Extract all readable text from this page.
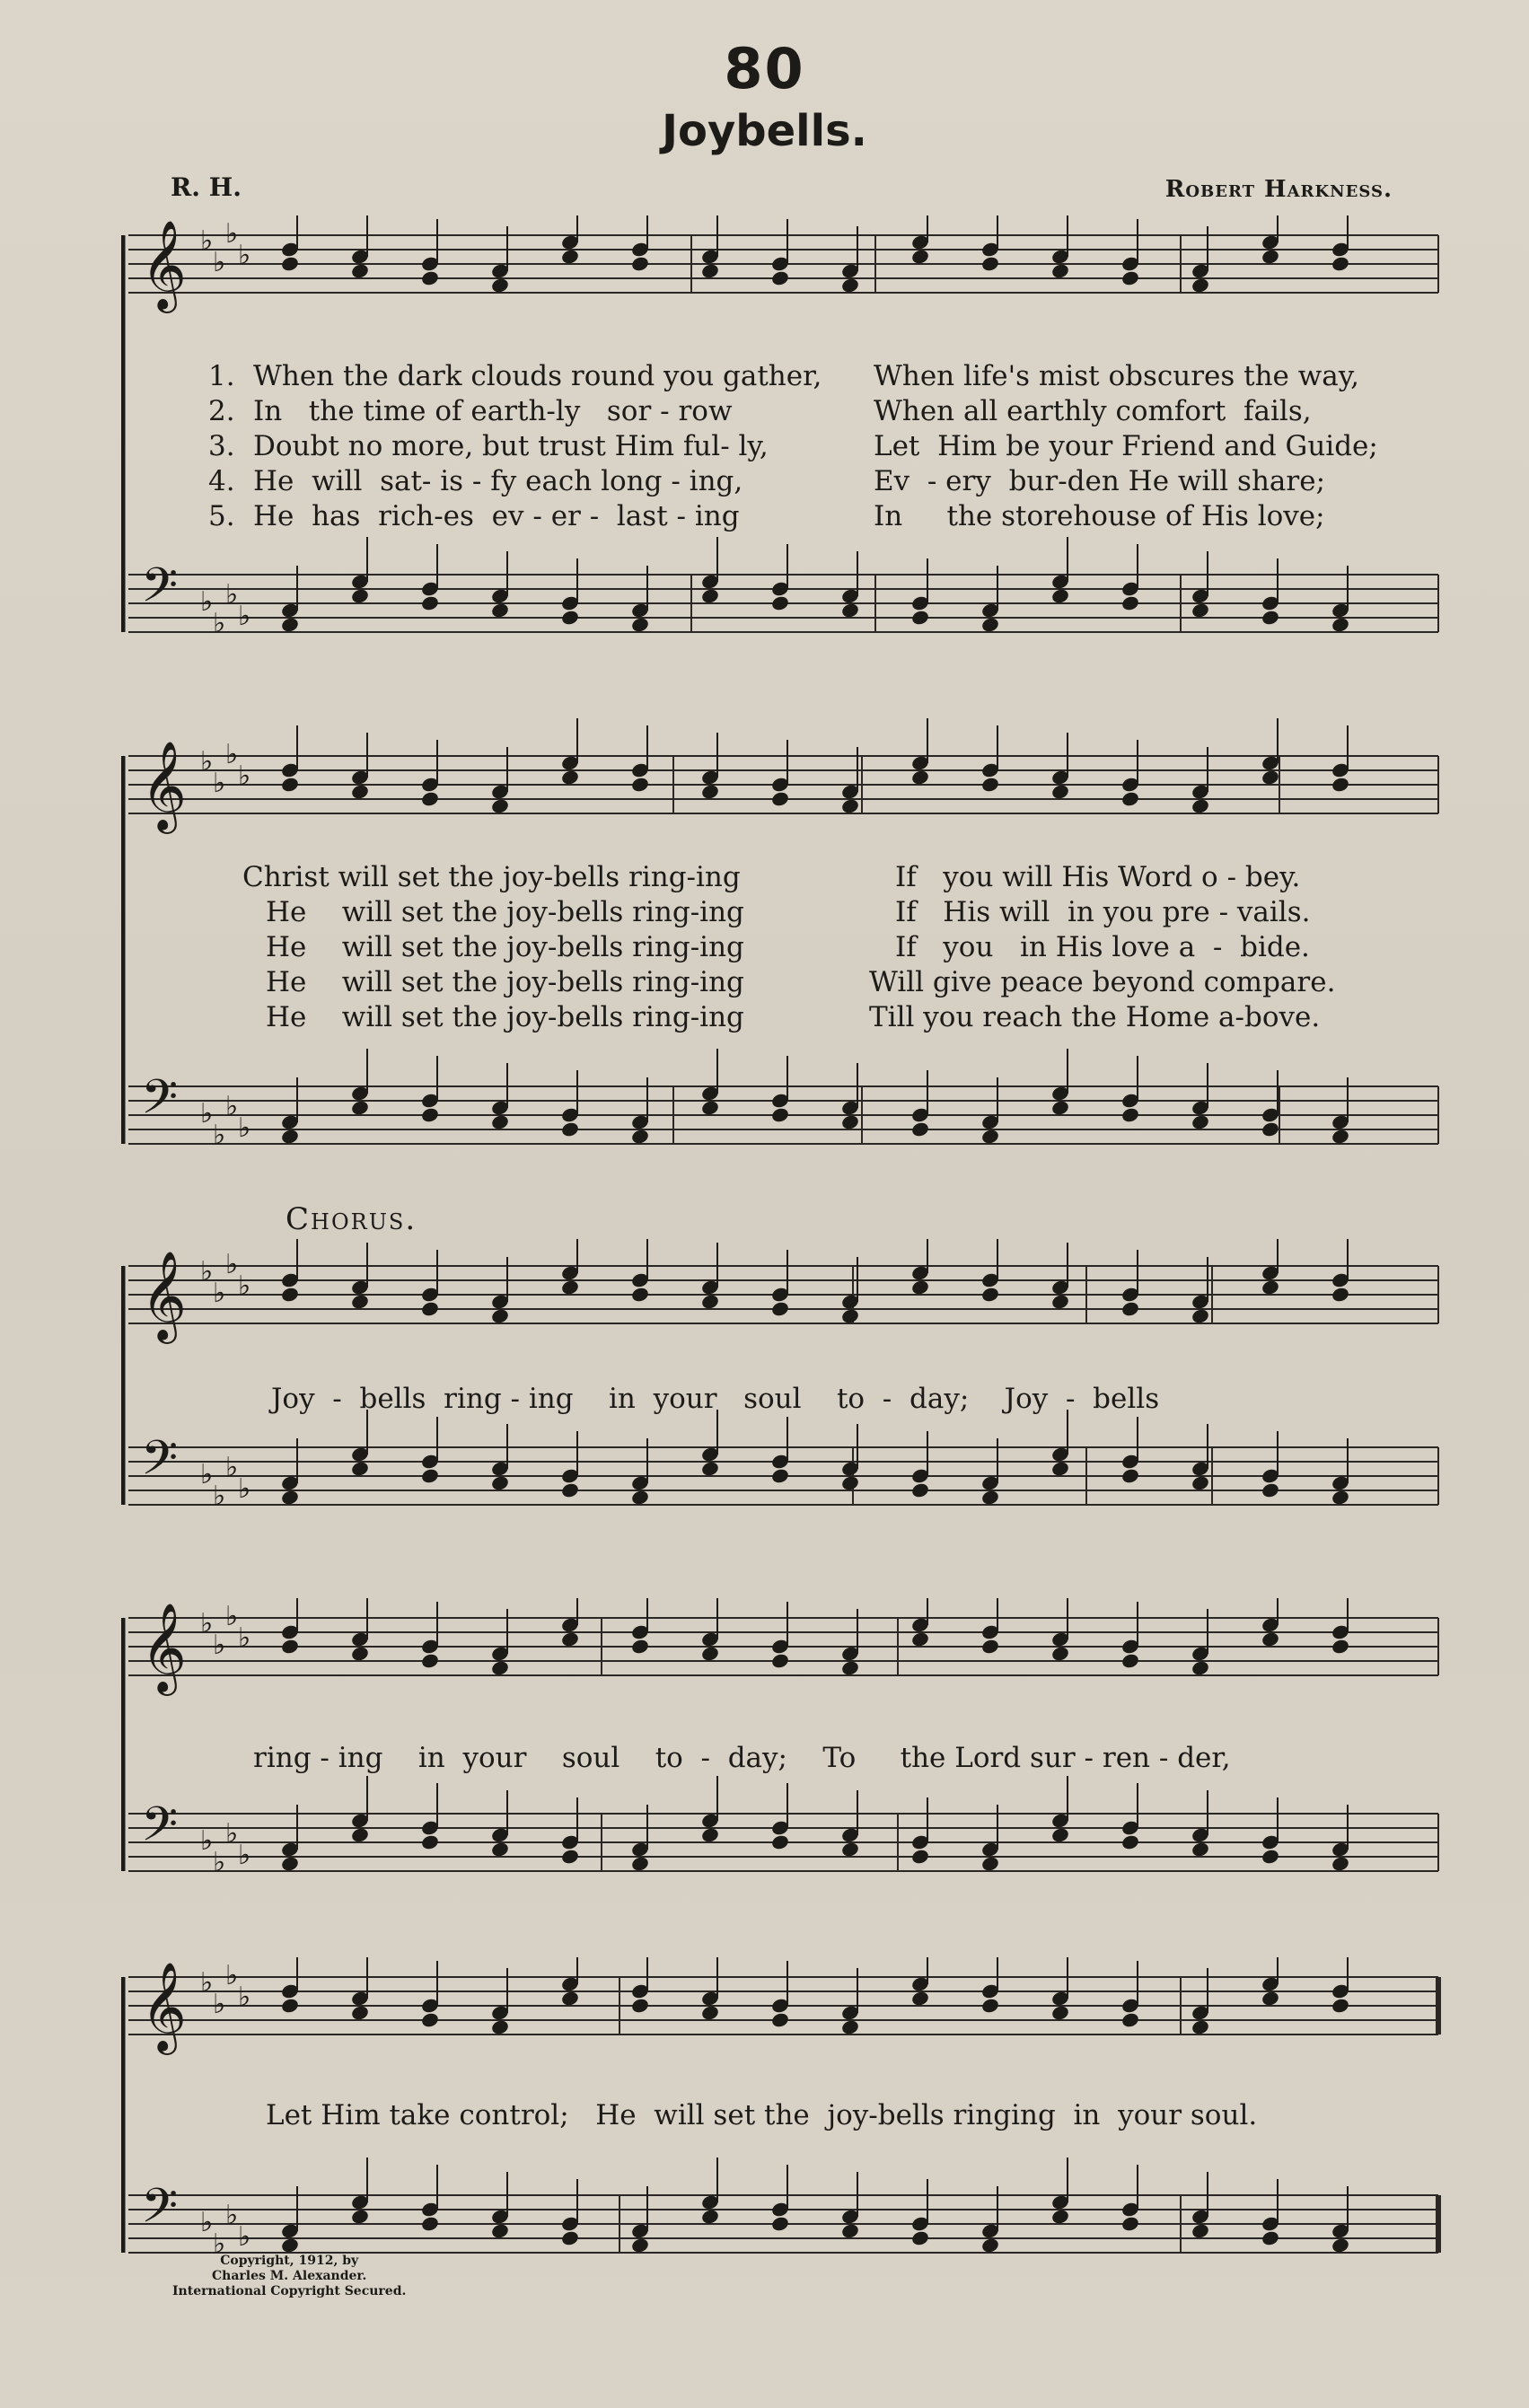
80
Joybells.
R. H.	Robert Harkness.
𝄞 ♭
♭
♭
♭
𝄢 ♭
♭
♭
♭
1. When the dark clouds round you gather, When life's mist obscures the way,
2. In   the time of earth-ly   sor - row	When all earthly comfort  fails,
3. Doubt no more, but trust Him ful- ly,	Let  Him be your Friend and Guide;
4. He  will  sat- is - fy each long - ing,	Ev  - ery  bur-den He will share;
5. He  has  rich-es  ev - er -  last - ing	In     the storehouse of His love;
𝄞 ♭
♭
♭
♭
𝄢 ♭
♭
♭
♭
Christ will set the joy-bells ring-ing	If   you will His Word o - bey.
He    will set the joy-bells ring-ing	If   His will  in you pre - vails.
He    will set the joy-bells ring-ing	If   you   in His love a  -  bide.
He    will set the joy-bells ring-ing	Will give peace beyond compare.
He    will set the joy-bells ring-ing	Till you reach the Home a-bove.
Chorus.
𝄞 ♭
♭
♭
♭
𝄢 ♭
♭
♭
♭
Joy  -  bells  ring - ing    in  your   soul    to  -  day;    Joy  -  bells
𝄞 ♭
♭
♭
♭
𝄢 ♭
♭
♭
♭
ring - ing    in  your    soul    to  -  day;    To     the Lord sur - ren - der,
𝄞 ♭
♭
♭
♭
𝄢 ♭
♭
♭
♭
Let Him take control;   He  will set the  joy-bells ringing  in  your soul.
Copyright, 1912, by
Charles M. Alexander.
International Copyright Secured.
